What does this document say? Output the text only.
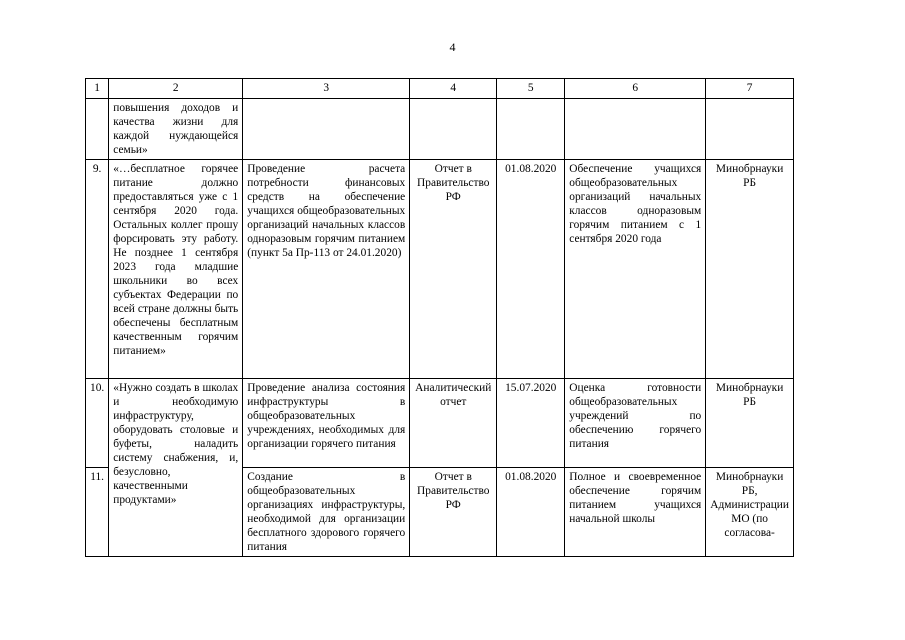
4
1	2	3	4	5	6	7
	повышения доходов и качества жизни для каждой нуждающейся семьи»					
9.	«…бесплатное горячее питание должно предоставляться уже с 1 сентября 2020 года. Остальных коллег прошу форсировать эту работу. Не позднее 1 сентября 2023 года младшие школьники во всех субъектах Федерации по всей стране должны быть обеспечены бесплатным качественным горячим питанием»	Проведение расчета потребности финансовых средств на обеспечение учащихся общеобразовательных организаций начальных классов одноразовым горячим питанием (пункт 5а Пр-113 от 24.01.2020)	Отчет в Правительство РФ	01.08.2020	Обеспечение учащихся общеобразовательных организаций начальных классов одноразовым горячим питанием с 1 сентября 2020 года	Минобрнауки РБ
10.	«Нужно создать в школах и необходимую инфраструктуру, оборудовать столовые и буфеты, наладить систему снабжения, и, безусловно, качественными продуктами»	Проведение анализа состояния инфраструктуры в общеобразовательных учреждениях, необходимых для организации горячего питания	Аналитический отчет	15.07.2020	Оценка готовности общеобразовательных учреждений по обеспечению горячего питания	Минобрнауки РБ
11.		Создание в общеобразовательных организациях инфраструктуры, необходимой для организации бесплатного здорового горячего питания	Отчет в Правительство РФ	01.08.2020	Полное и своевременное обеспечение горячим питанием учащихся начальной школы	Минобрнауки РБ, Администрации МО (по согласова-
